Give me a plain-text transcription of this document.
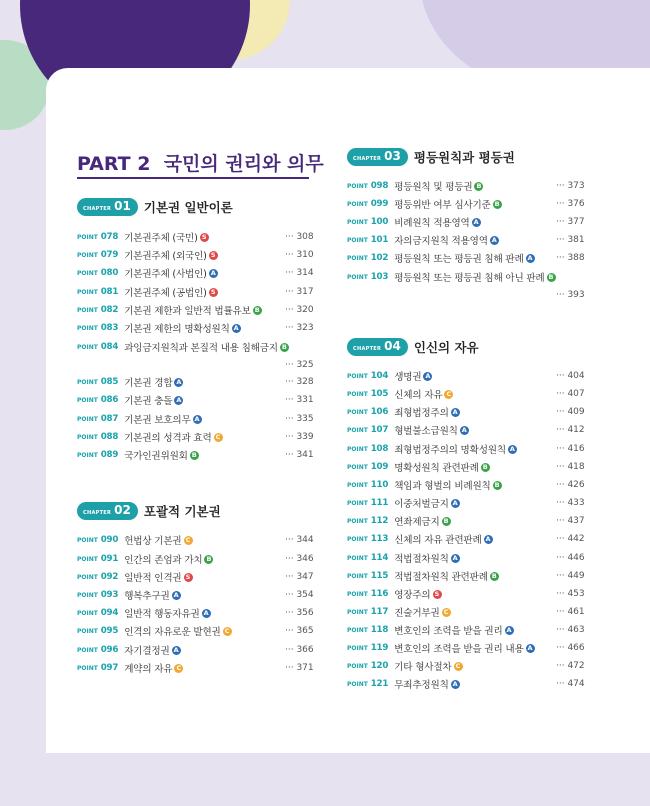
CONTENTS
PART 2 국민의 권리와 의무
CHAPTER 01 기본권 일반이론
POINT 078 기본권주체 (국민) S	··· 308
POINT 079 기본권주체 (외국인) S	··· 310
POINT 080 기본권주체 (사법인) A	··· 314
POINT 081 기본권주체 (공법인) S	··· 317
POINT 082 기본권 제한과 일반적 법률유보 B	··· 320
POINT 083 기본권 제한의 명확성원칙 A	··· 323
POINT 084 과잉금지원칙과 본질적 내용 침해금지 B
··· 325
POINT 085 기본권 경합 A	··· 328
POINT 086 기본권 충돌 A	··· 331
POINT 087 기본권 보호의무 A	··· 335
POINT 088 기본권의 성격과 효력 C	··· 339
POINT 089 국가인권위원회 B	··· 341
CHAPTER 02 포괄적 기본권
POINT 090 헌법상 기본권 C	··· 344
POINT 091 인간의 존엄과 가치 B	··· 346
POINT 092 일반적 인격권 S	··· 347
POINT 093 행복추구권 A	··· 354
POINT 094 일반적 행동자유권 A	··· 356
POINT 095 인격의 자유로운 발현권 C	··· 365
POINT 096 자기결정권 A	··· 366
POINT 097 계약의 자유 C	··· 371
CHAPTER 03 평등원칙과 평등권
POINT 098 평등원칙 및 평등권 B	··· 373
POINT 099 평등위반 여부 심사기준 B	··· 376
POINT 100 비례원칙 적용영역 A	··· 377
POINT 101 자의금지원칙 적용영역 A	··· 381
POINT 102 평등원칙 또는 평등권 침해 판례 A	··· 388
POINT 103 평등원칙 또는 평등권 침해 아닌 판례 B
··· 393
CHAPTER 04 인신의 자유
POINT 104 생명권 A	··· 404
POINT 105 신체의 자유 C	··· 407
POINT 106 죄형법정주의 A	··· 409
POINT 107 형벌불소급원칙 A	··· 412
POINT 108 죄형법정주의의 명확성원칙 A	··· 416
POINT 109 명확성원칙 관련판례 B	··· 418
POINT 110 책임과 형벌의 비례원칙 B	··· 426
POINT 111 이중처벌금지 A	··· 433
POINT 112 연좌제금지 B	··· 437
POINT 113 신체의 자유 관련판례 A	··· 442
POINT 114 적법절차원칙 A	··· 446
POINT 115 적법절차원칙 관련판례 B	··· 449
POINT 116 영장주의 S	··· 453
POINT 117 진술거부권 C	··· 461
POINT 118 변호인의 조력을 받을 권리 A	··· 463
POINT 119 변호인의 조력을 받을 권리 내용 A	··· 466
POINT 120 기타 형사절차 C	··· 472
POINT 121 무죄추정원칙 A	··· 474
